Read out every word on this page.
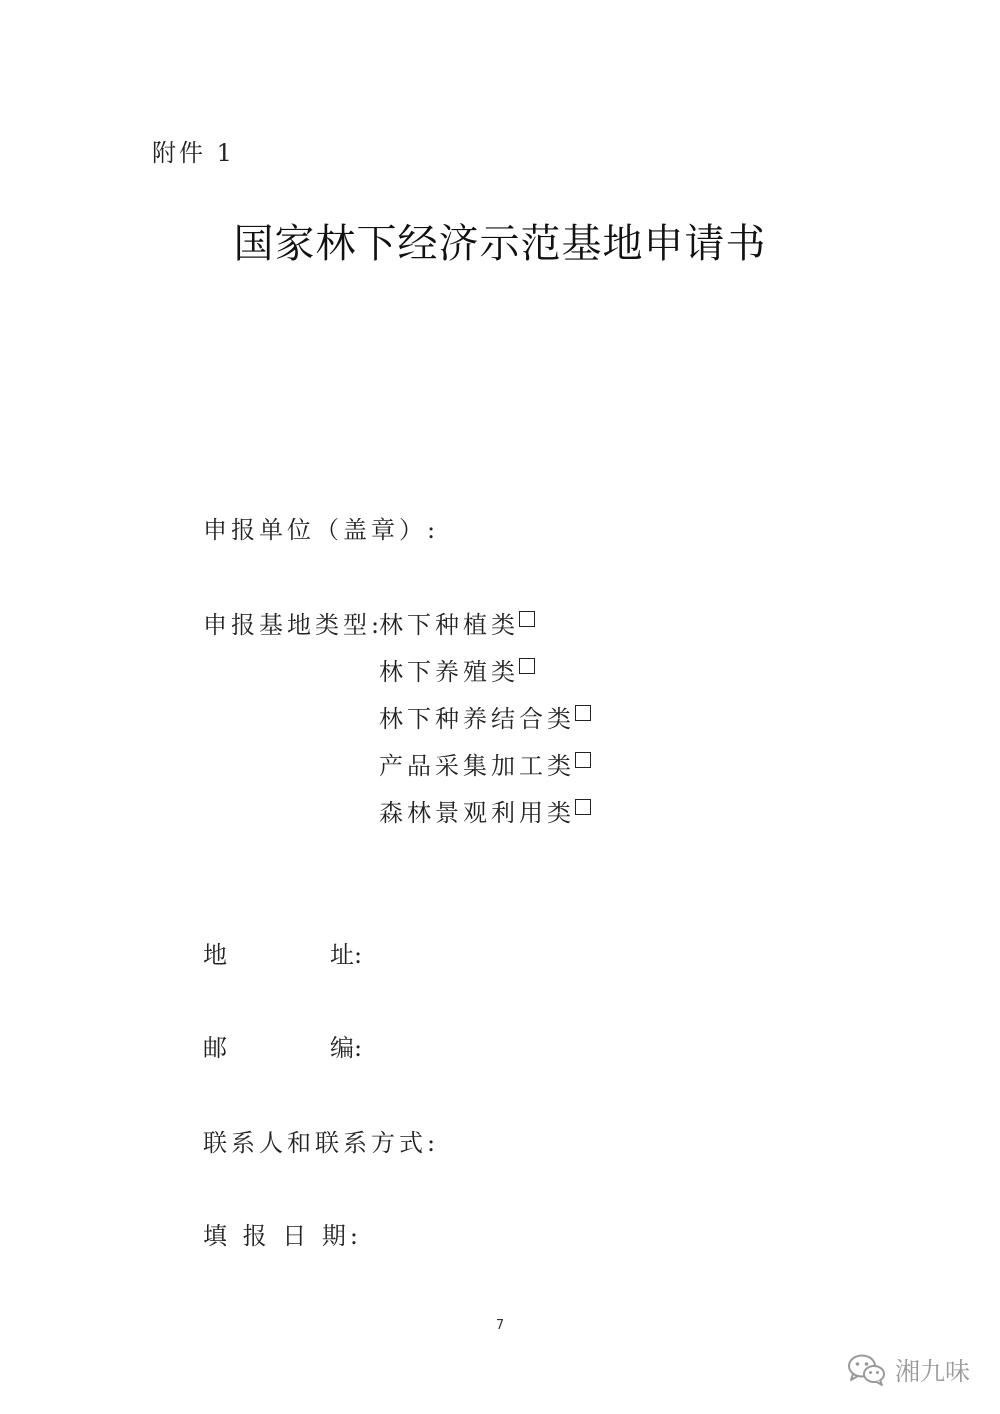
附件 1
国家林下经济示范基地申请书
申报单位（盖章）:
申报基地类型:
林下种植类
林下养殖类
林下种养结合类
产品采集加工类
森林景观利用类
地	址:
邮	编:
联系人和联系方式:
填 报 日 期:
7
湘九味
